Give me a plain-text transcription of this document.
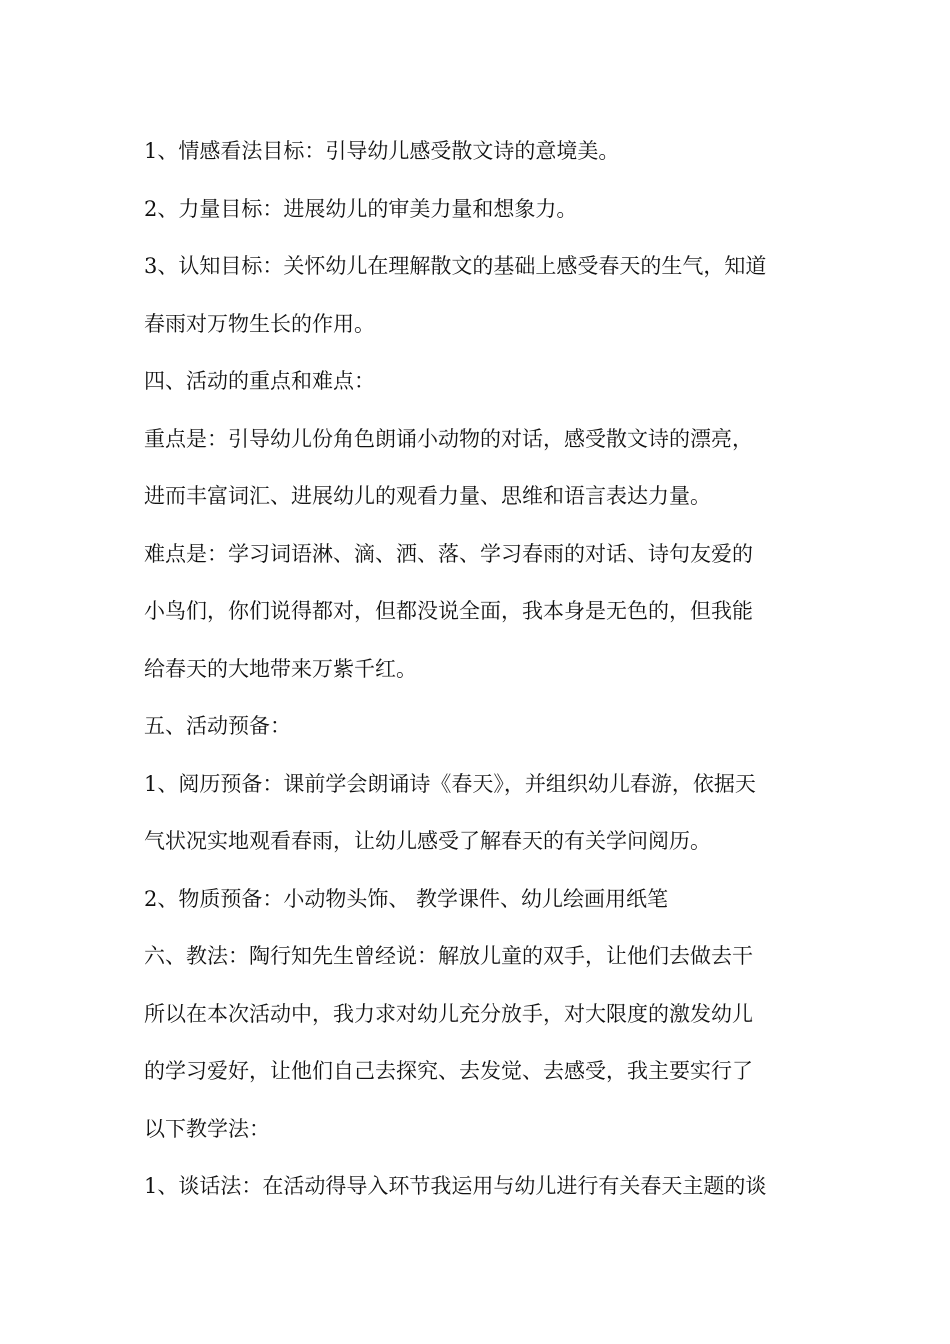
1、情感看法目标：引导幼儿感受散文诗的意境美。
2、力量目标：进展幼儿的审美力量和想象力。
3、认知目标：关怀幼儿在理解散文的基础上感受春天的生气，知道
春雨对万物生长的作用。
四、活动的重点和难点：
重点是：引导幼儿份角色朗诵小动物的对话，感受散文诗的漂亮，
进而丰富词汇、进展幼儿的观看力量、思维和语言表达力量。
难点是：学习词语淋、滴、洒、落、学习春雨的对话、诗句友爱的
小鸟们，你们说得都对，但都没说全面，我本身是无色的，但我能
给春天的大地带来万紫千红。
五、活动预备：
1、阅历预备：课前学会朗诵诗《春天》，并组织幼儿春游，依据天
气状况实地观看春雨，让幼儿感受了解春天的有关学问阅历。
2、物质预备：小动物头饰、 教学课件、幼儿绘画用纸笔
六、教法：陶行知先生曾经说：解放儿童的双手，让他们去做去干
所以在本次活动中，我力求对幼儿充分放手，对大限度的激发幼儿
的学习爱好，让他们自己去探究、去发觉、去感受，我主要实行了
以下教学法：
1、谈话法：在活动得导入环节我运用与幼儿进行有关春天主题的谈
